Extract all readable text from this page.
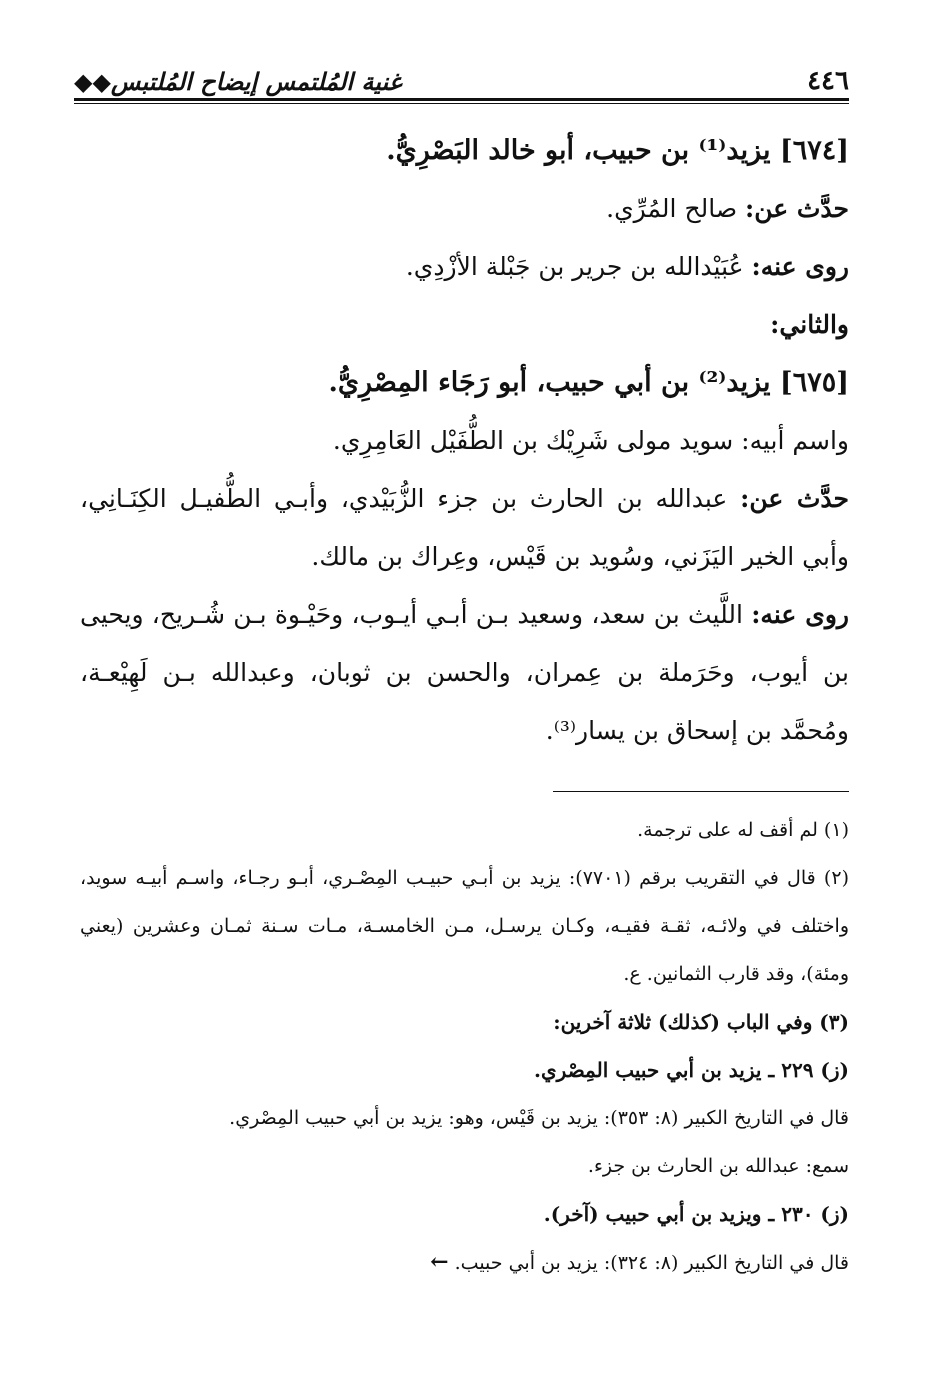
٤٤٦
غنية المُلتمس إيضاح المُلتبس◆◆

[٦٧٤] يزيد⁽¹⁾ بن حبيب، أبو خالد البَصْرِيُّ.

حدَّث عن: صالح المُرِّي.

روى عنه: عُبَيْدالله بن جرير بن جَبْلة الأزْدِي.

والثاني:

[٦٧٥] يزيد⁽²⁾ بن أبي حبيب، أبو رَجَاء المِصْرِيُّ.

واسم أبيه: سويد مولى شَرِيْك بن الطُّفَيْل العَامِرِي.

حدَّث عن: عبدالله بن الحارث بن جزء الزُّبَيْدي، وأبـي الطُّفيـل الكِنَـانِي، وأبي الخير اليَزَني، وسُويد بن قَيْس، وعِراك بن مالك.

روى عنه: اللَّيث بن سعد، وسعيد بـن أبـي أيـوب، وحَيْـوة بـن شُـريح، ويحيى بن أيوب، وحَرَملة بن عِمران، والحسن بن ثوبان، وعبدالله بـن لَهِيْعـة، ومُحمَّد بن إسحاق بن يسار⁽³⁾.

(١) لم أقف له على ترجمة.

(٢) قال في التقريب برقم (٧٧٠١): يزيد بن أبـي حبيـب المِصْـري، أبـو رجـاء، واسـم أبيـه سويد، واختلف في ولائـه، ثقـة فقيـه، وكـان يرسـل، مـن الخامسـة، مـات سـنة ثمـان وعشرين (يعني ومئة)، وقد قارب الثمانين. ع.

(٣) وفي الباب (كذلك) ثلاثة آخرين:

(ز) ٢٢٩ ـ يزيد بن أبي حبيب المِصْري.

قال في التاريخ الكبير (٨: ٣٥٣): يزيد بن قَيْس، وهو: يزيد بن أبي حبيب المِصْري.

سمع: عبدالله بن الحارث بن جزء.

(ز) ٢٣٠ ـ ويزيد بن أبي حبيب (آخر).

قال في التاريخ الكبير (٨: ٣٢٤): يزيد بن أبي حبيب. ←
